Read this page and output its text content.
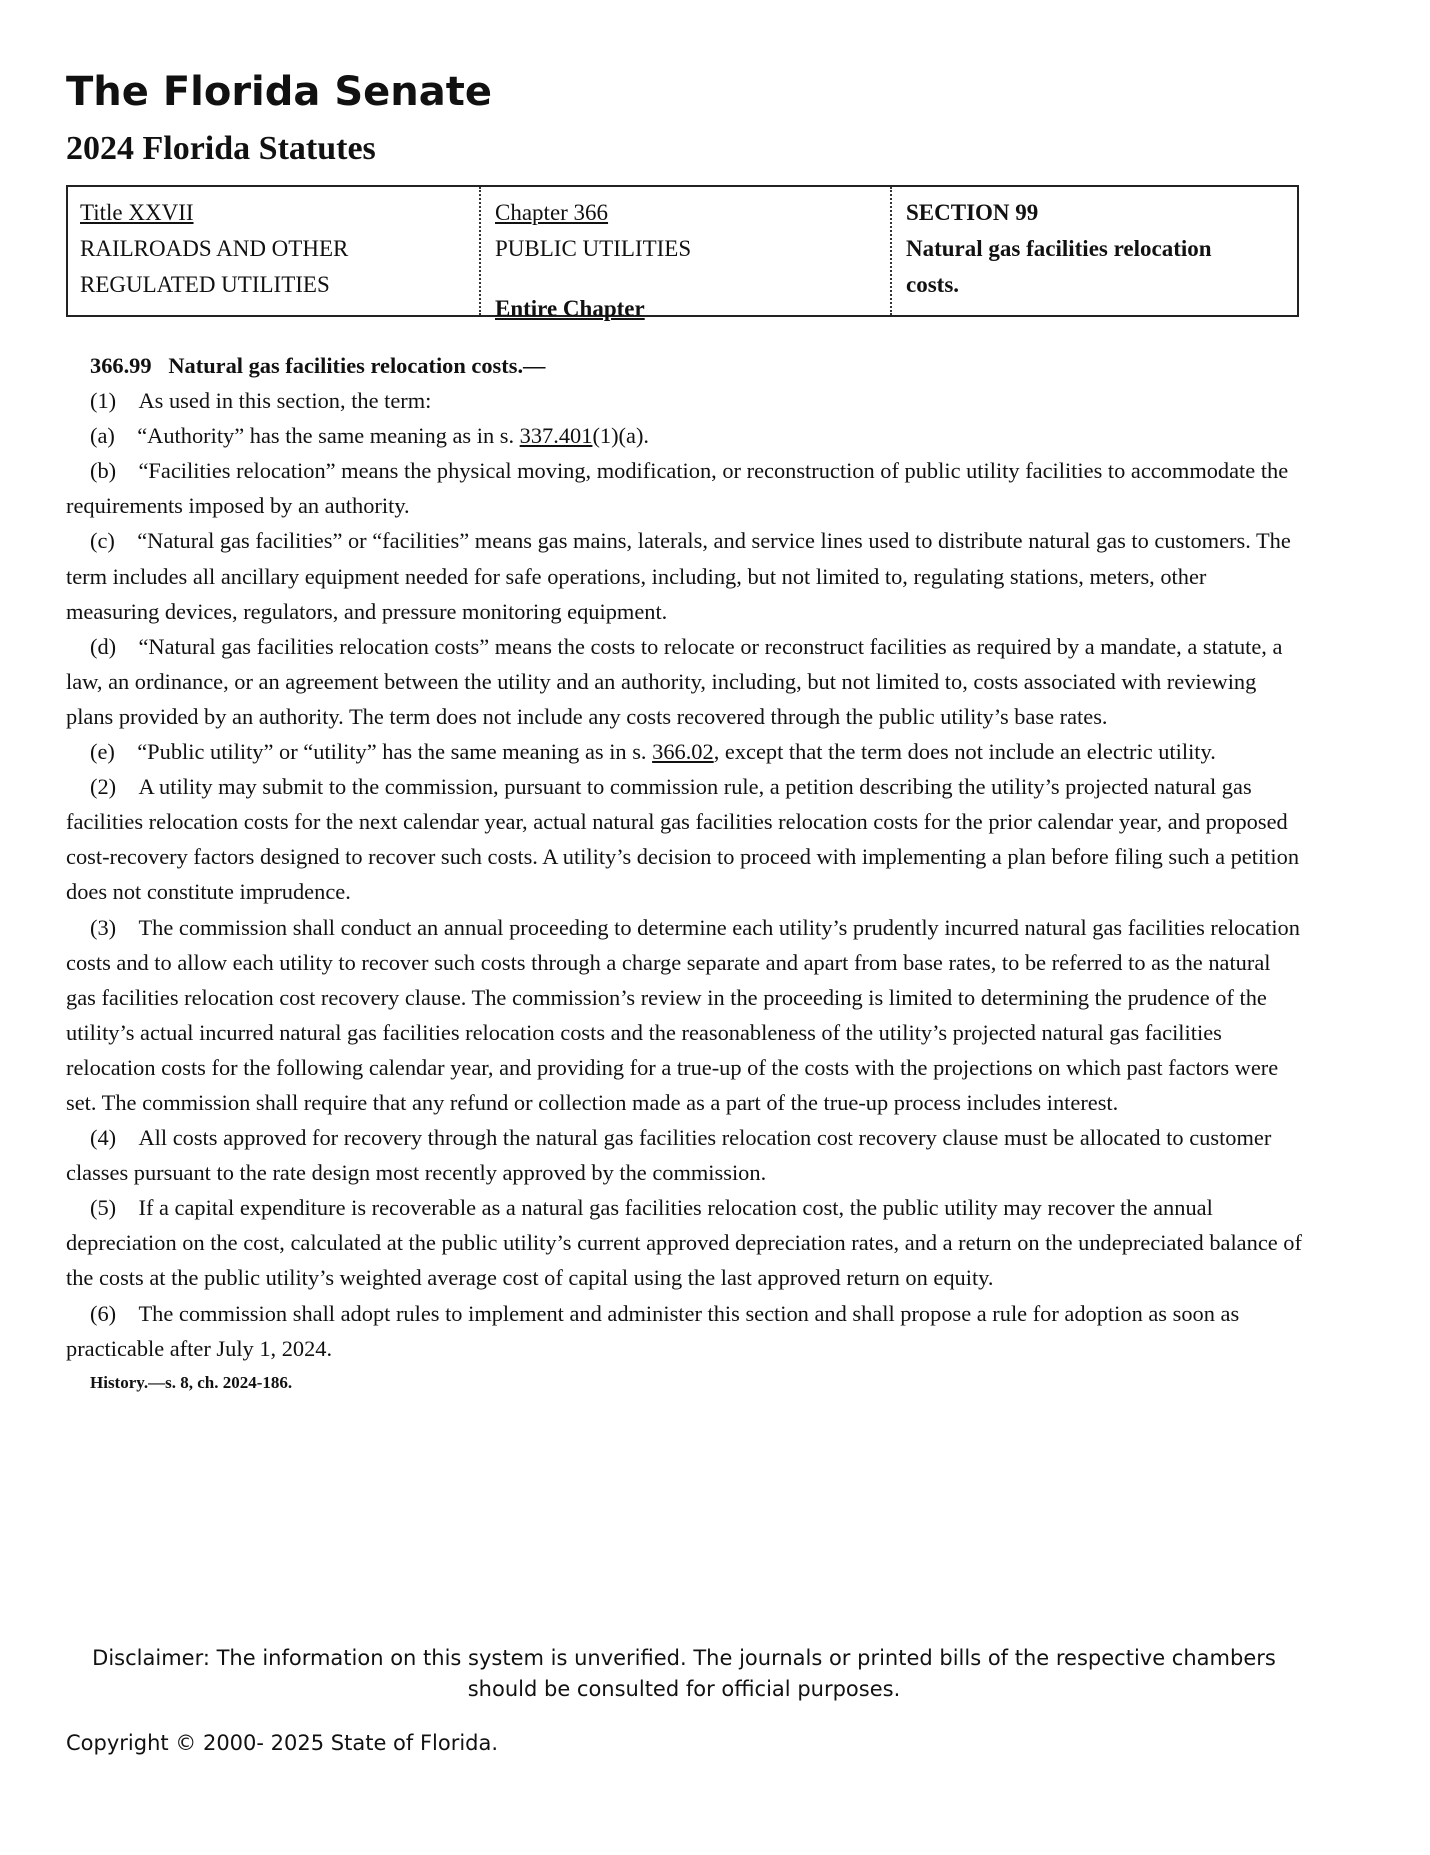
The Florida Senate
2024 Florida Statutes
Title XXVII
RAILROADS AND OTHER
REGULATED UTILITIES
Chapter 366
PUBLIC UTILITIES
Entire Chapter
SECTION 99
Natural gas facilities relocation
costs.

366.99 Natural gas facilities relocation costs.—

(1) As used in this section, the term:

(a) “Authority” has the same meaning as in s. 337.401(1)(a).

(b) “Facilities relocation” means the physical moving, modification, or reconstruction of public utility facilities to accommodate the requirements imposed by an authority.

(c) “Natural gas facilities” or “facilities” means gas mains, laterals, and service lines used to distribute natural gas to customers. The term includes all ancillary equipment needed for safe operations, including, but not limited to, regulating stations, meters, other measuring devices, regulators, and pressure monitoring equipment.

(d) “Natural gas facilities relocation costs” means the costs to relocate or reconstruct facilities as required by a mandate, a statute, a law, an ordinance, or an agreement between the utility and an authority, including, but not limited to, costs associated with reviewing plans provided by an authority. The term does not include any costs recovered through the public utility’s base rates.

(e) “Public utility” or “utility” has the same meaning as in s. 366.02, except that the term does not include an electric utility.

(2) A utility may submit to the commission, pursuant to commission rule, a petition describing the utility’s projected natural gas facilities relocation costs for the next calendar year, actual natural gas facilities relocation costs for the prior calendar year, and proposed cost-recovery factors designed to recover such costs. A utility’s decision to proceed with implementing a plan before filing such a petition does not constitute imprudence.

(3) The commission shall conduct an annual proceeding to determine each utility’s prudently incurred natural gas facilities relocation costs and to allow each utility to recover such costs through a charge separate and apart from base rates, to be referred to as the natural gas facilities relocation cost recovery clause. The commission’s review in the proceeding is limited to determining the prudence of the utility’s actual incurred natural gas facilities relocation costs and the reasonableness of the utility’s projected natural gas facilities relocation costs for the following calendar year, and providing for a true-up of the costs with the projections on which past factors were set. The commission shall require that any refund or collection made as a part of the true-up process includes interest.

(4) All costs approved for recovery through the natural gas facilities relocation cost recovery clause must be allocated to customer classes pursuant to the rate design most recently approved by the commission.

(5) If a capital expenditure is recoverable as a natural gas facilities relocation cost, the public utility may recover the annual depreciation on the cost, calculated at the public utility’s current approved depreciation rates, and a return on the undepreciated balance of the costs at the public utility’s weighted average cost of capital using the last approved return on equity.

(6) The commission shall adopt rules to implement and administer this section and shall propose a rule for adoption as soon as practicable after July 1, 2024.

History.—s. 8, ch. 2024-186.
Disclaimer: The information on this system is unverified. The journals or printed bills of the respective chambers
should be consulted for official purposes.
Copyright © 2000- 2025 State of Florida.
